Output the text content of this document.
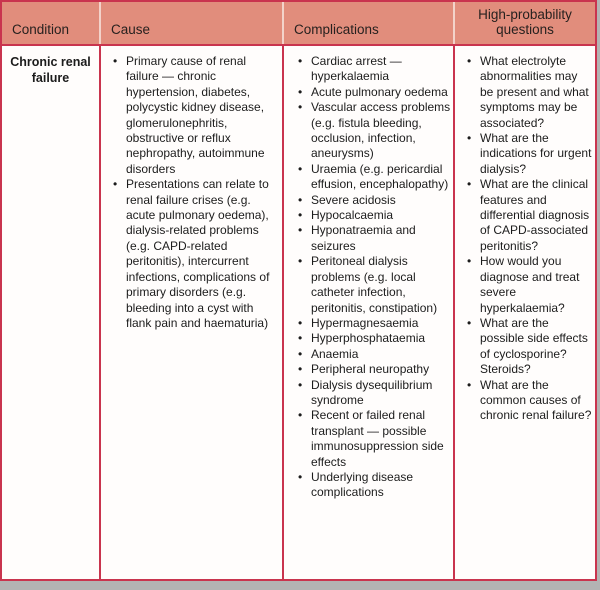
Condition	Cause	Complications
High-probability questions
Chronic renal failure
• Primary cause of renal failure — chronic hypertension, diabetes, polycystic kidney disease, glomerulonephritis, obstructive or reflux nephropathy, autoimmune disorders
• Presentations can relate to renal failure crises (e.g. acute pulmonary oedema), dialysis-related problems (e.g. CAPD-related peritonitis), intercurrent infections, complications of primary disorders (e.g. bleeding into a cyst with flank pain and haematuria)
• Cardiac arrest — hyperkalaemia
• Acute pulmonary oedema
• Vascular access problems (e.g. fistula bleeding, occlusion, infection, aneurysms)
• Uraemia (e.g. pericardial effusion, encephalopathy)
• Severe acidosis
• Hypocalcaemia
• Hyponatraemia and seizures
• Peritoneal dialysis problems (e.g. local catheter infection, peritonitis, constipation)
• Hypermagnesaemia
• Hyperphosphataemia
• Anaemia
• Peripheral neuropathy
• Dialysis dysequilibrium syndrome
• Recent or failed renal transplant — possible immunosuppression side effects
• Underlying disease complications
• What electrolyte abnormalities may be present and what symptoms may be associated?
• What are the indications for urgent dialysis?
• What are the clinical features and differential diagnosis of CAPD-associated peritonitis?
• How would you diagnose and treat severe hyperkalaemia?
• What are the possible side effects of cyclosporine? Steroids?
• What are the common causes of chronic renal failure?
